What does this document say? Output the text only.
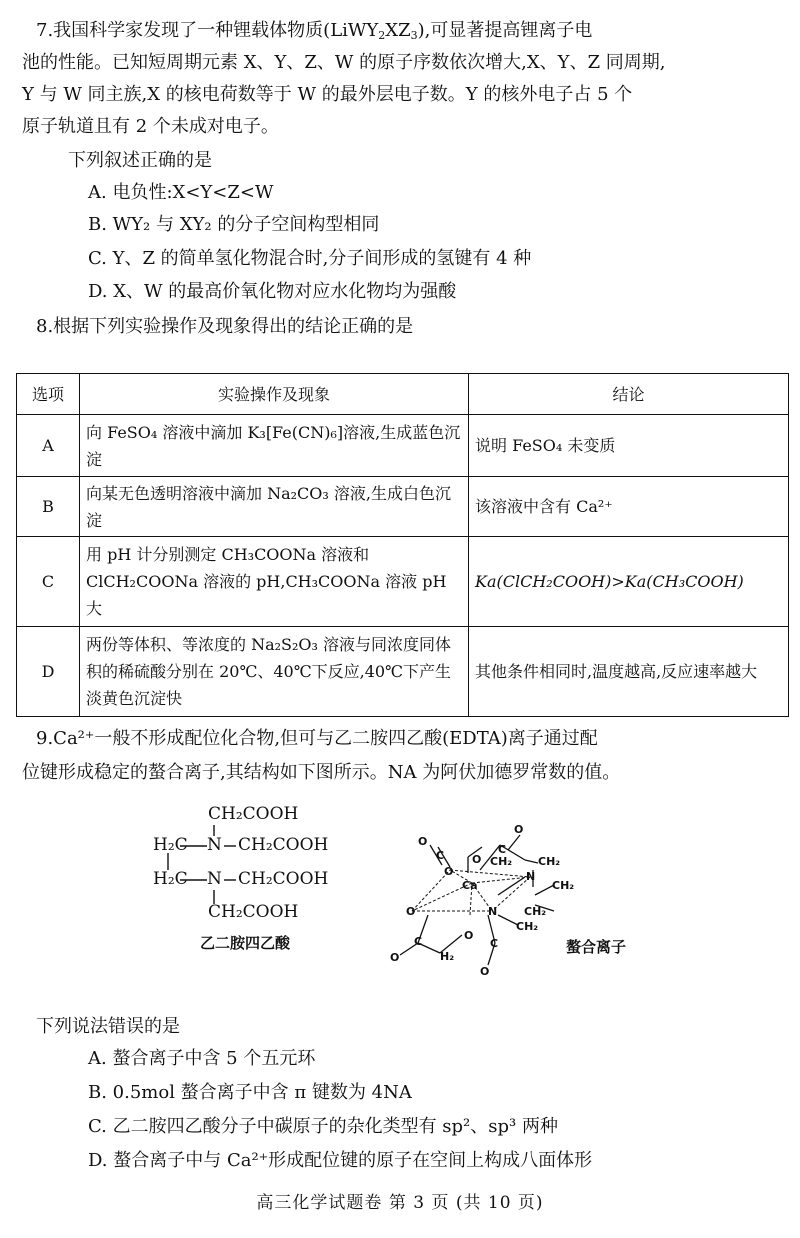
7.我国科学家发现了一种锂载体物质$(LiWY_2XZ_3)$,可显著提高锂离子电
池的性能。已知短周期元素 X、Y、Z、W 的原子序数依次增大,X、Y、Z 同周期,
Y 与 W 同主族,X 的核电荷数等于 W 的最外层电子数。Y 的核外电子占 5 个
原子轨道且有 2 个未成对电子。
下列叙述正确的是
A. 电负性:X<Y<Z<W
B. WY₂ 与 XY₂ 的分子空间构型相同
C. Y、Z 的简单氢化物混合时,分子间形成的氢键有 4 种
D. X、W 的最高价氧化物对应水化物均为强酸
8.根据下列实验操作及现象得出的结论正确的是
选项	实验操作及现象	结论
A	向 FeSO₄ 溶液中滴加 K₃[Fe(CN)₆]溶液,生成蓝色沉淀	说明 FeSO₄ 未变质
B	向某无色透明溶液中滴加 Na₂CO₃ 溶液,生成白色沉淀	该溶液中含有 Ca²⁺
C	用 pH 计分别测定 CH₃COONa 溶液和 ClCH₂COONa 溶液的 pH,CH₃COONa 溶液 pH 大	Ka(ClCH₂COOH)>Ka(CH₃COOH)
D	两份等体积、等浓度的 Na₂S₂O₃ 溶液与同浓度同体积的稀硫酸分别在 20℃、40℃下反应,40℃下产生淡黄色沉淀快	其他条件相同时,温度越高,反应速率越大
9.Ca²⁺一般不形成配位化合物,但可与乙二胺四乙酸(EDTA)离子通过配
位键形成稳定的螯合离子,其结构如下图所示。NA 为阿伏加德罗常数的值。
CH₂COOH
H₂C N CH₂COOH
H₂C N CH₂COOH
CH₂COOH
乙二胺四乙酸
Ca
N
N
O
O
O
O
O
O
O
O
C	C
C	C
CH₂ CH₂
CH₂
CH₂
CH₂
H₂
螯合离子
下列说法错误的是
A. 螯合离子中含 5 个五元环
B. 0.5mol 螯合离子中含 π 键数为 4NA
C. 乙二胺四乙酸分子中碳原子的杂化类型有 sp²、sp³ 两种
D. 螯合离子中与 Ca²⁺形成配位键的原子在空间上构成八面体形
高三化学试题卷 第 3 页 (共 10 页)
